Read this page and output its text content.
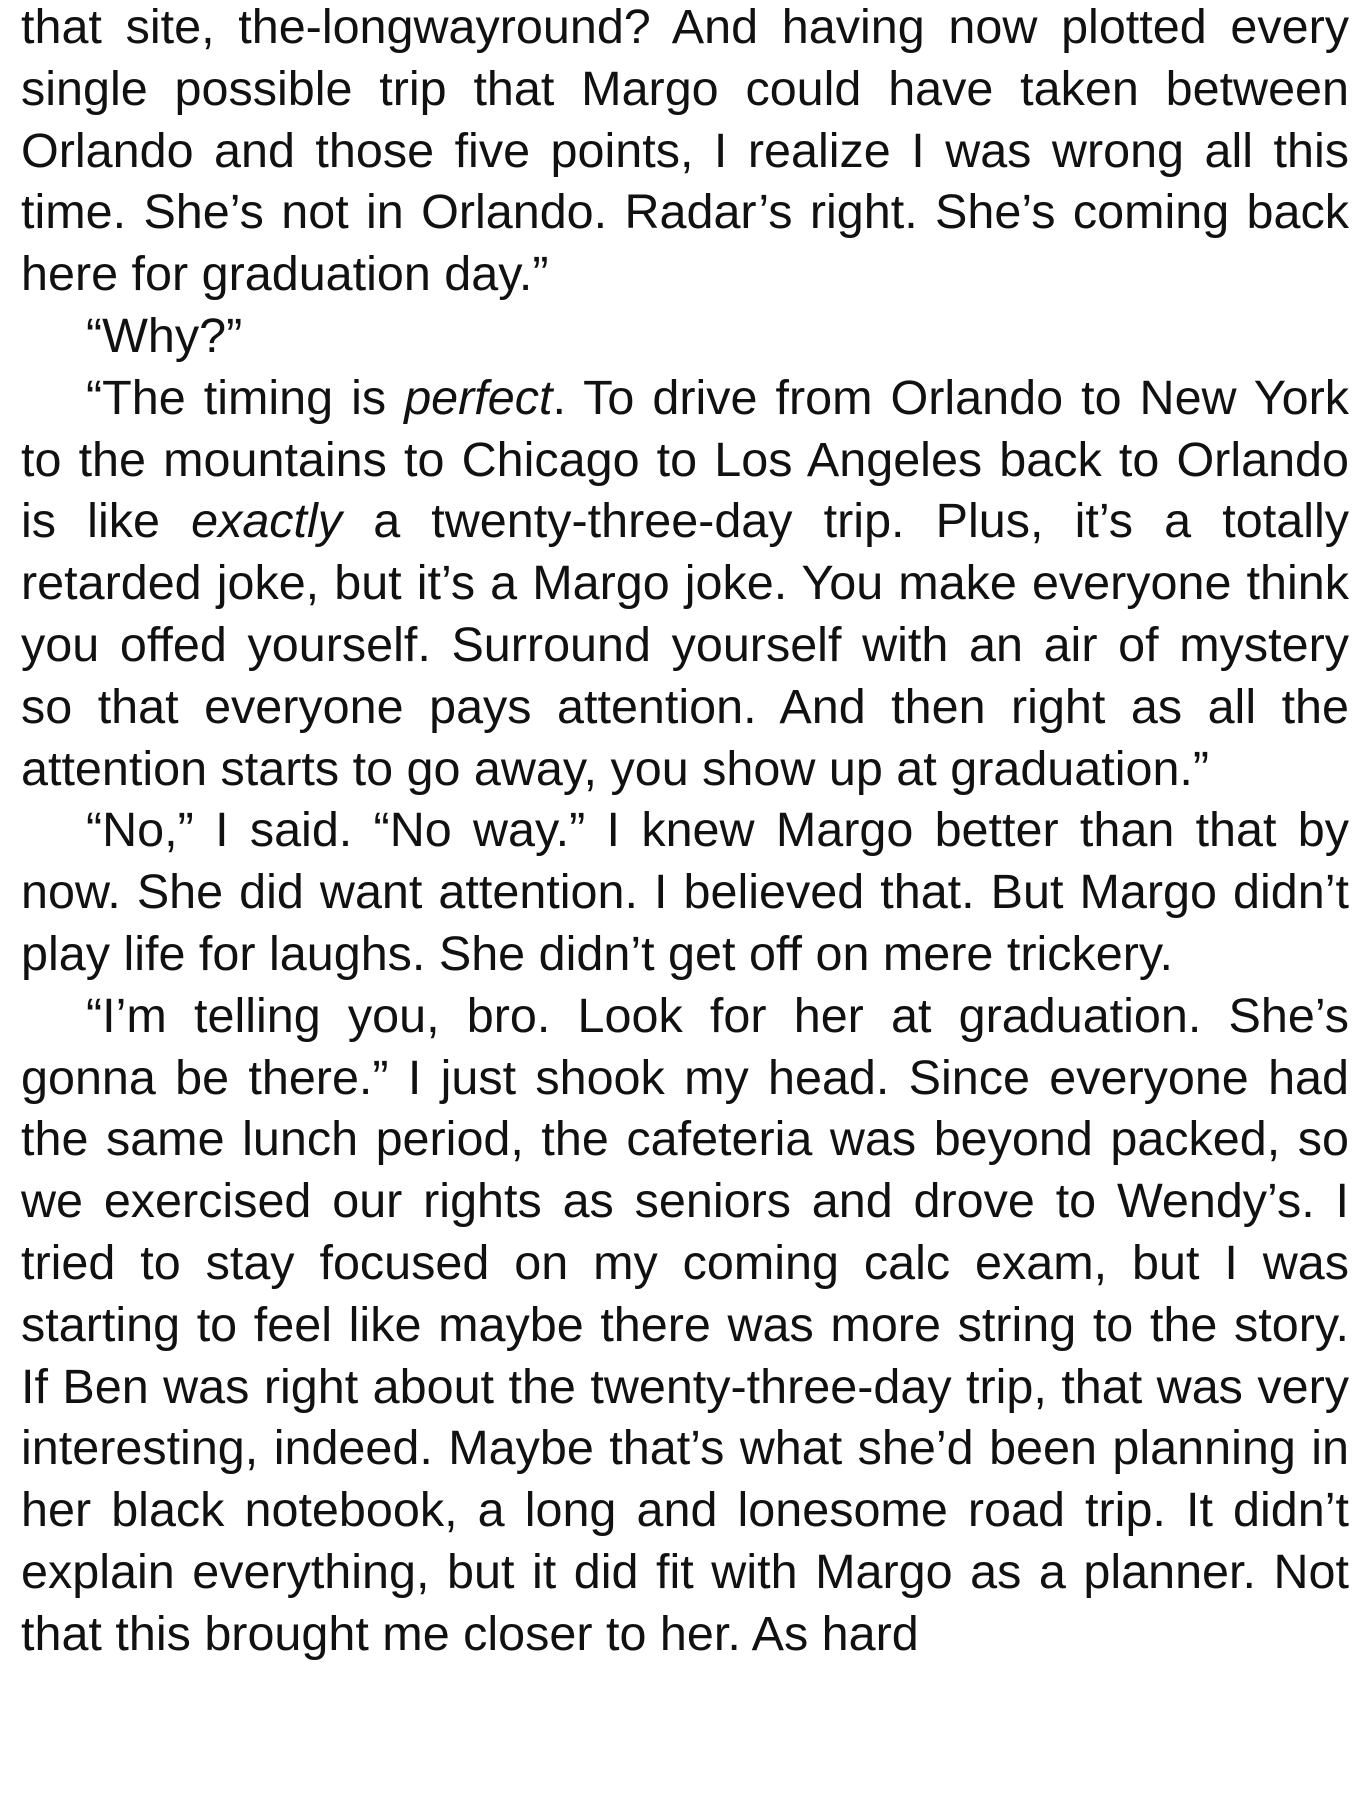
that site, the-longwayround? And having now plotted every single possible trip that Margo could have taken between Orlando and those five points, I realize I was wrong all this time. She’s not in Orlando. Radar’s right. She’s coming back here for graduation day.”

“Why?”

“The timing is perfect. To drive from Orlando to New York to the mountains to Chicago to Los Angeles back to Orlando is like exactly a twenty-three-day trip. Plus, it’s a totally retarded joke, but it’s a Margo joke. You make everyone think you offed yourself. Surround yourself with an air of mystery so that everyone pays attention. And then right as all the attention starts to go away, you show up at graduation.”

“No,” I said. “No way.” I knew Margo better than that by now. She did want attention. I believed that. But Margo didn’t play life for laughs. She didn’t get off on mere trickery.

“I’m telling you, bro. Look for her at graduation. She’s gonna be there.” I just shook my head. Since everyone had the same lunch period, the cafeteria was beyond packed, so we exercised our rights as seniors and drove to Wendy’s. I tried to stay focused on my coming calc exam, but I was starting to feel like maybe there was more string to the story. If Ben was right about the twenty-three-day trip, that was very interesting, indeed. Maybe that’s what she’d been planning in her black notebook, a long and lonesome road trip. It didn’t explain everything, but it did fit with Margo as a planner. Not that this brought me closer to her. As hard
